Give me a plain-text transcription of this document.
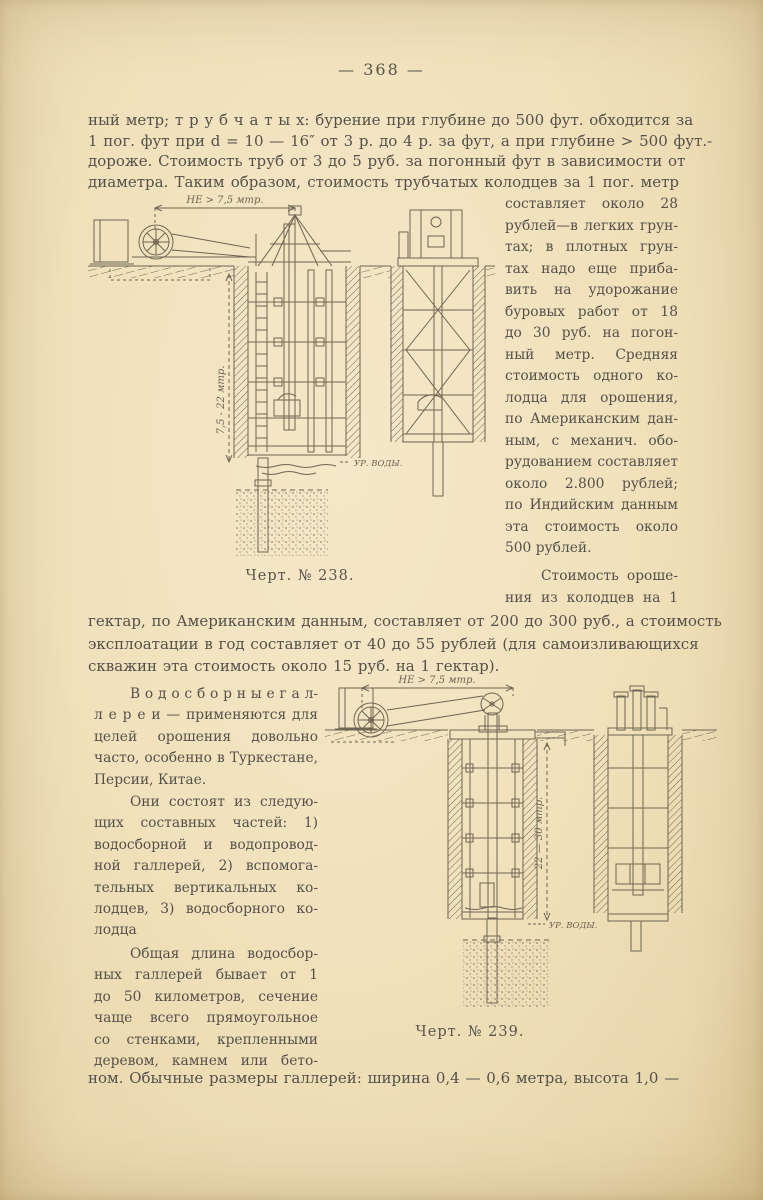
— 368 —
ный метр; т р у б ч а т ы х: бурение при глубине до 500 фут. обходится за
1 пог. фут при d = 10 — 16″ от 3 р. до 4 р. за фут, а при глубине > 500 фут.-
дороже. Стоимость труб от 3 до 5 руб. за погонный фут в зависимости от
диаметра. Таким образом, стоимость трубчатых колодцев за 1 пог. метр
НЕ > 7,5 мтр.
УР. ВОДЫ.
7,5 - 22 мтр.
Черт. № 238.
составляет около 28
рублей—в легких грун-
тах; в плотных грун-
тах надо еще приба-
вить на удорожание
буровых работ от 18
до 30 руб. на погон-
ный метр. Средняя
стоимость одного ко-
лодца для орошения,
по Американским дан-
ным, с механич. обо-
рудованием составляет
около 2.800 рублей;
по Индийским данным
эта стоимость около
500 рублей.
Стоимость ороше-
ния из колодцев на 1
гектар, по Американским данным, составляет от 200 до 300 руб., а стоимость
эксплоатации в год составляет от 40 до 55 рублей (для самоизливающихся
скважин эта стоимость около 15 руб. на 1 гектар).
В о д о с б о р н ы е г а л-
л е р е и — применяются для
целей орошения довольно
часто, особенно в Туркестане,
Персии, Китае.
Они состоят из следую-
щих составных частей: 1)
водосборной и водопровод-
ной галлерей, 2) вспомога-
тельных вертикальных ко-
лодцев, 3) водосборного ко-
лодца
Общая длина водосбор-
ных галлерей бывает от 1
до 50 километров, сечение
чаще всего прямоугольное
со стенками, крепленными
деревом, камнем или бето-
НЕ > 7,5 мтр.
УР. ВОДЫ.
22 — 30 мтр.
Черт. № 239.
ном. Обычные размеры галлерей: ширина 0,4 — 0,6 метра, высота 1,0 —
